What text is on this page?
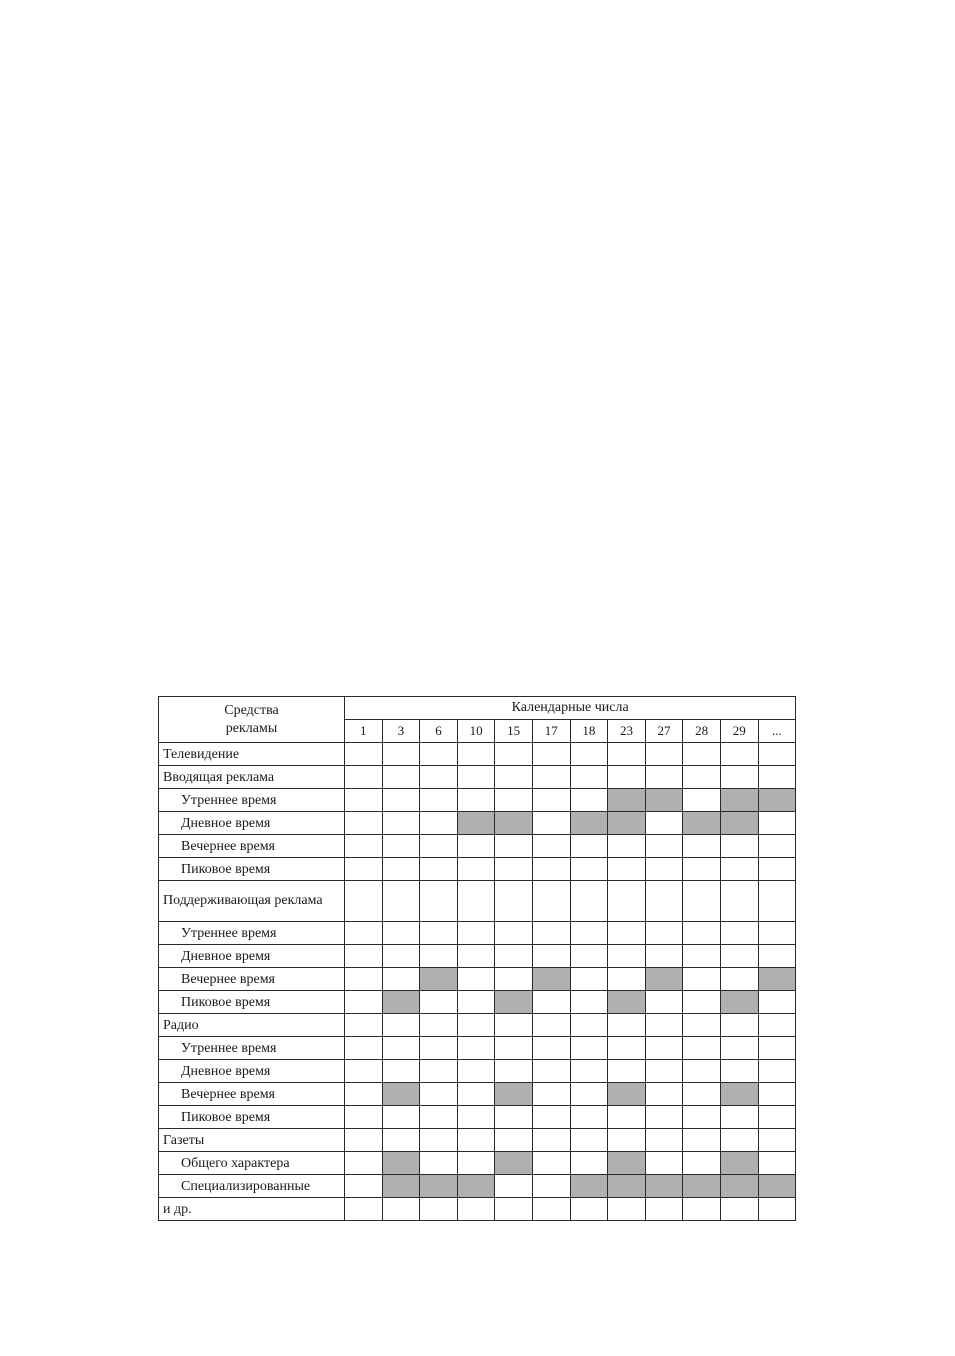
Средства
рекламы	Календарные числа											
	1	3	6	10	15	17	18	23	27	28	29	...
Телевидение												
Вводящая реклама												
Утреннее время												
Дневное время												
Вечернее время												
Пиковое время												
Поддерживающая реклама												
Утреннее время												
Дневное время												
Вечернее время												
Пиковое время												
Радио												
Утреннее время												
Дневное время												
Вечернее время												
Пиковое время												
Газеты												
Общего характера												
Специализированные												
и др.												
